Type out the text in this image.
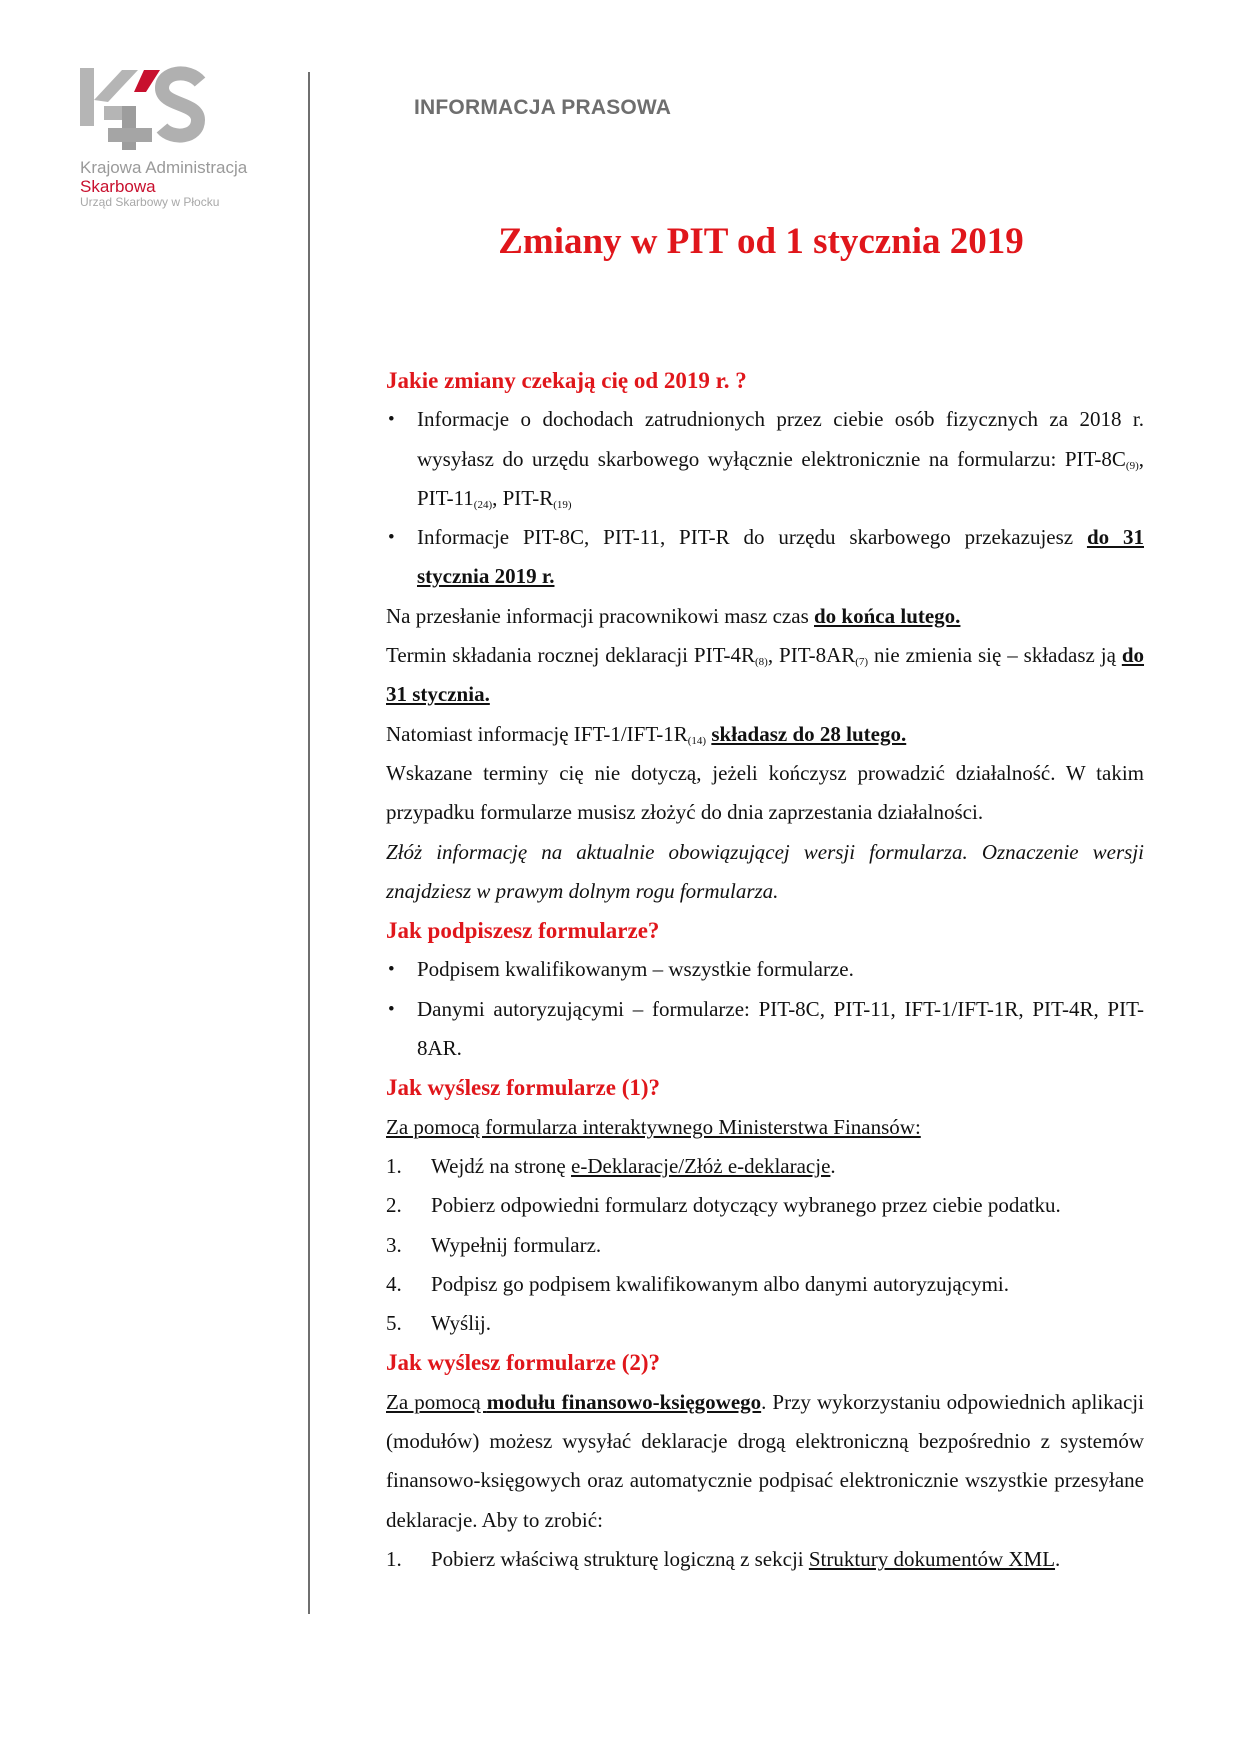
Krajowa Administracja
Skarbowa
Urząd Skarbowy w Płocku
INFORMACJA PRASOWA
Zmiany w PIT od 1 stycznia 2019
Jakie zmiany czekają cię od 2019 r. ?
• Informacje o dochodach zatrudnionych przez ciebie osób fizycznych za 2018 r. wysyłasz do urzędu skarbowego wyłącznie elektronicznie na formularzu: PIT-$8C_{(9)}$, PIT-$11_{(24)}$, PIT-$R_{(19)}$
• Informacje PIT-8C, PIT-11, PIT-R do urzędu skarbowego przekazujesz do 31 stycznia 2019 r.
Na przesłanie informacji pracownikowi masz czas do końca lutego.
Termin składania rocznej deklaracji PIT-$4R_{(8)}$, PIT-$8AR_{(7)}$ nie zmienia się – składasz ją do 31 stycznia.
Natomiast informację IFT-$1/IFT-1R_{(14)}$ składasz do 28 lutego.
Wskazane terminy cię nie dotyczą, jeżeli kończysz prowadzić działalność. W takim przypadku formularze musisz złożyć do dnia zaprzestania działalności.
Złóż informację na aktualnie obowiązującej wersji formularza. Oznaczenie wersji znajdziesz w prawym dolnym rogu formularza.
Jak podpiszesz formularze?
• Podpisem kwalifikowanym – wszystkie formularze.
• Danymi autoryzującymi – formularze: PIT-8C, PIT-11, IFT-1/IFT-1R, PIT-4R, PIT-8AR.
Jak wyślesz formularze (1)?
Za pomocą formularza interaktywnego Ministerstwa Finansów:
1. Wejdź na stronę e-Deklaracje/Złóż e-deklaracje.
2. Pobierz odpowiedni formularz dotyczący wybranego przez ciebie podatku.
3. Wypełnij formularz.
4. Podpisz go podpisem kwalifikowanym albo danymi autoryzującymi.
5. Wyślij.
Jak wyślesz formularze (2)?
Za pomocą modułu finansowo-księgowego. Przy wykorzystaniu odpowiednich aplikacji (modułów) możesz wysyłać deklaracje drogą elektroniczną bezpośrednio z systemów finansowo-księgowych oraz automatycznie podpisać elektronicznie wszystkie przesyłane deklaracje. Aby to zrobić:
1. Pobierz właściwą strukturę logiczną z sekcji Struktury dokumentów XML.
